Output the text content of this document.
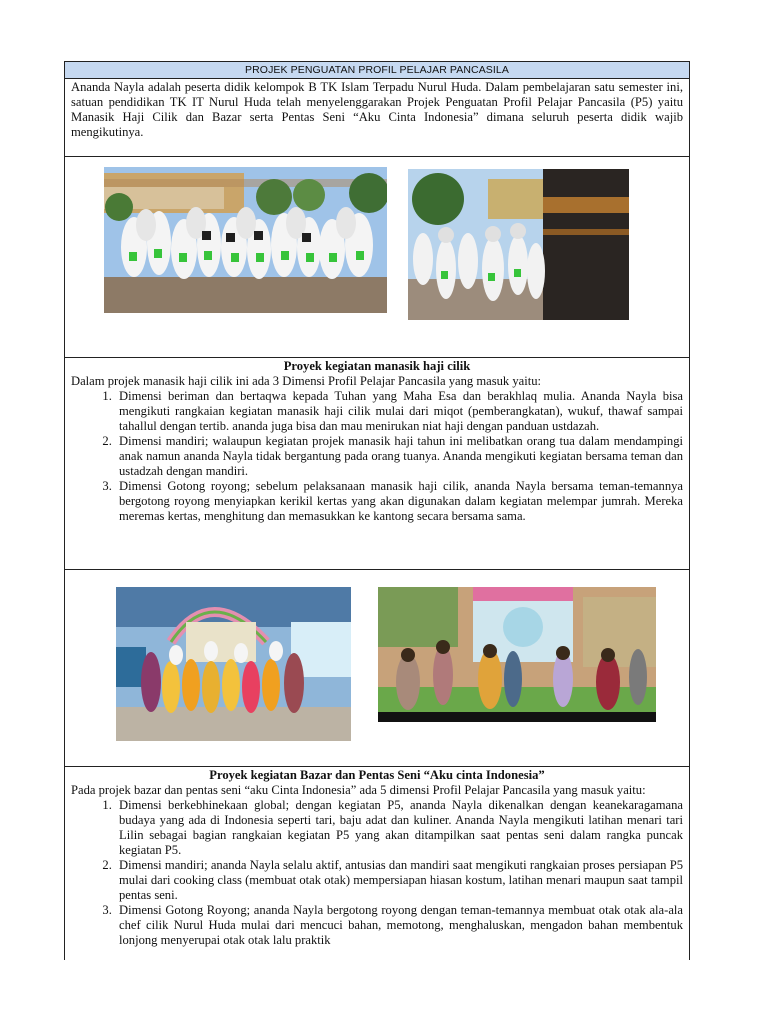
PROJEK PENGUATAN PROFIL PELAJAR PANCASILA
Ananda Nayla adalah peserta didik kelompok B TK Islam Terpadu Nurul Huda. Dalam pembelajaran satu semester ini, satuan pendidikan TK IT Nurul Huda telah menyelenggarakan Projek Penguatan Profil Pelajar Pancasila (P5) yaitu Manasik Haji Cilik dan Bazar serta Pentas Seni “Aku Cinta Indonesia” dimana seluruh peserta didik wajib mengikutinya.
Proyek kegiatan manasik haji cilik
Dalam projek manasik haji cilik ini ada 3 Dimensi Profil Pelajar Pancasila yang masuk yaitu:
1. Dimensi beriman dan bertaqwa kepada Tuhan yang Maha Esa dan berakhlaq mulia. Ananda Nayla bisa mengikuti rangkaian kegiatan manasik haji cilik mulai dari miqot (pemberangkatan), wukuf, thawaf sampai tahallul dengan tertib. ananda juga bisa dan mau menirukan niat haji dengan panduan ustdazah.
2. Dimensi mandiri; walaupun kegiatan projek manasik haji tahun ini melibatkan orang tua dalam mendampingi anak namun ananda Nayla tidak bergantung pada orang tuanya. Ananda mengikuti kegiatan bersama teman dan ustadzah dengan mandiri.
3. Dimensi Gotong royong; sebelum pelaksanaan manasik haji cilik, ananda Nayla bersama teman-temannya bergotong royong menyiapkan kerikil kertas yang akan digunakan dalam kegiatan melempar jumrah. Mereka meremas kertas, menghitung dan memasukkan ke kantong secara bersama sama.
Proyek kegiatan Bazar dan Pentas Seni “Aku cinta Indonesia”
Pada projek bazar dan pentas seni “aku Cinta Indonesia” ada 5 dimensi Profil Pelajar Pancasila yang masuk yaitu:
1. Dimensi berkebhinekaan global; dengan kegiatan P5, ananda Nayla dikenalkan dengan keanekaragamana budaya yang ada di Indonesia seperti tari, baju adat dan kuliner. Ananda Nayla mengikuti latihan menari tari Lilin sebagai bagian rangkaian kegiatan P5 yang akan ditampilkan saat pentas seni dalam rangka puncak kegiatan P5.
2. Dimensi mandiri; ananda Nayla selalu aktif, antusias dan mandiri saat mengikuti rangkaian proses persiapan P5 mulai dari cooking class (membuat otak otak) mempersiapan hiasan kostum, latihan menari maupun saat tampil pentas seni.
3. Dimensi Gotong Royong; ananda Nayla bergotong royong dengan teman-temannya membuat otak otak ala-ala chef cilik Nurul Huda mulai dari mencuci bahan, memotong, menghaluskan, mengadon bahan membentuk lonjong menyerupai otak otak lalu praktik
